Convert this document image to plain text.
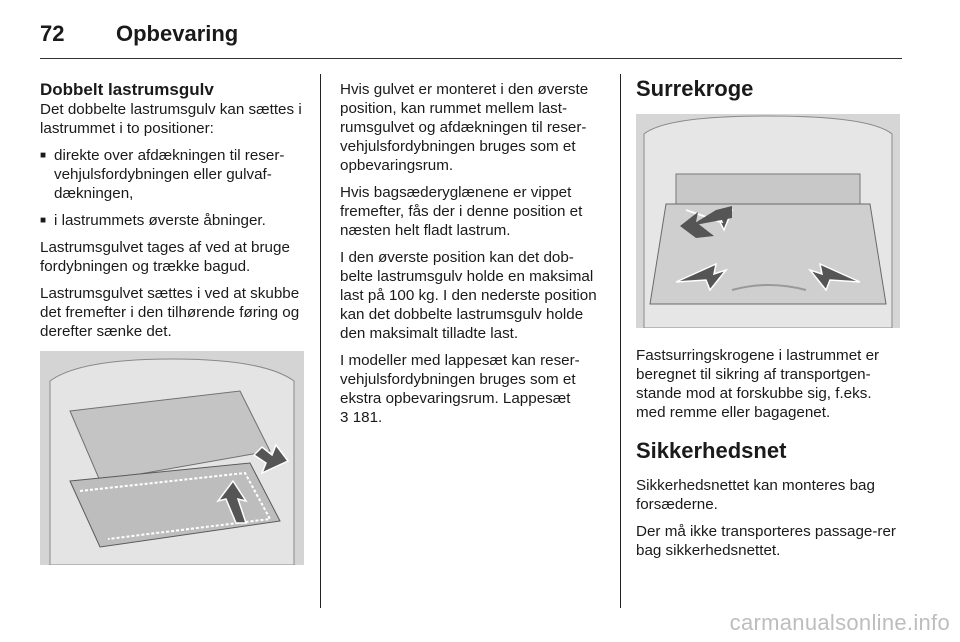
72	Opbevaring
Dobbelt lastrumsgulv

Det dobbelte lastrumsgulv kan sættes i lastrummet i to positioner:

■ direkte over afdækningen til reser-vehjulsfordybningen eller gulvaf-dækningen,
■ i lastrummets øverste åbninger.

Lastrumsgulvet tages af ved at bruge fordybningen og trække bagud.

Lastrumsgulvet sættes i ved at skubbe det fremefter i den tilhørende føring og derefter sænke det.

Hvis gulvet er monteret i den øverste position, kan rummet mellem last-rumsgulvet og afdækningen til reser-vehjulsfordybningen bruges som et opbevaringsrum.

Hvis bagsæderyglænene er vippet fremefter, fås der i denne position et næsten helt fladt lastrum.

I den øverste position kan det dob-belte lastrumsgulv holde en maksimal last på 100 kg. I den nederste position kan det dobbelte lastrumsgulv holde den maksimalt tilladte last.

I modeller med lappesæt kan reser-vehjulsfordybningen bruges som et ekstra opbevaringsrum. Lappesæt
3 181.

Surrekroge

Fastsurringskrogene i lastrummet er beregnet til sikring af transportgen-stande mod at forskubbe sig, f.eks. med remme eller bagagenet.

Sikkerhedsnet

Sikkerhedsnettet kan monteres bag forsæderne.

Der må ikke transporteres passage-rer bag sikkerhedsnettet.

carmanualsonline.info
